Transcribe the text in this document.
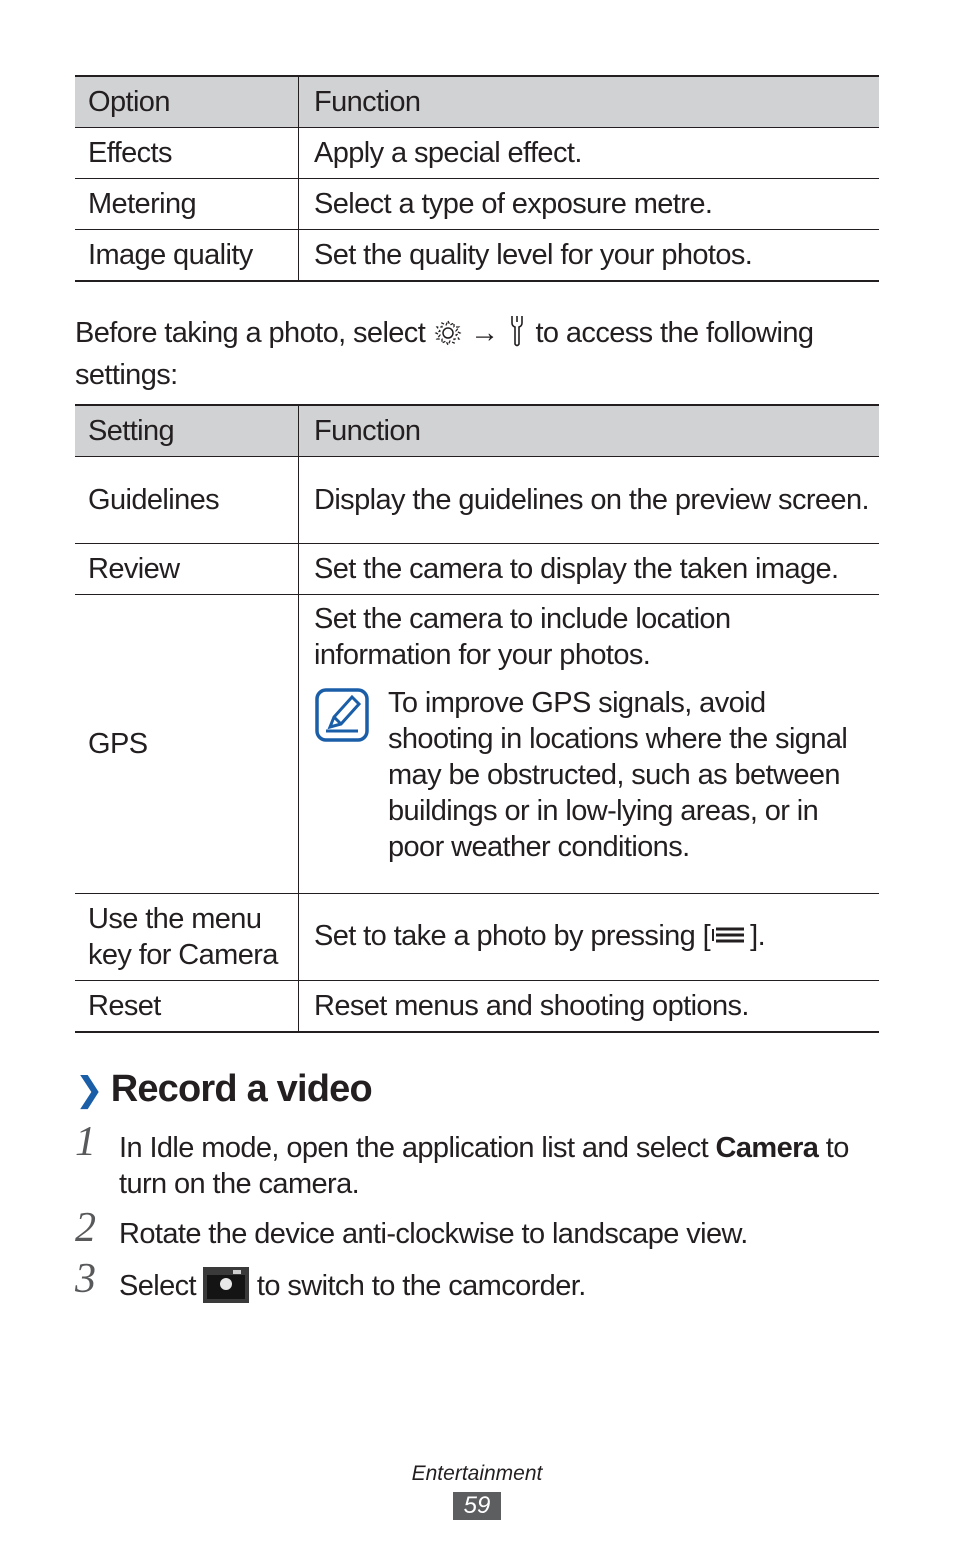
Option	Function
Effects	Apply a special effect.
Metering	Select a type of exposure metre.
Image quality	Set the quality level for your photos.
Before taking a photo, select → to access the following settings:
Setting	Function
Guidelines	Display the guidelines on the preview screen.
Review	Set the camera to display the taken image.
GPS	Set the camera to include location information for your photos.
To improve GPS signals, avoid shooting in locations where the signal may be obstructed, such as between buildings or in low-lying areas, or in poor weather conditions.

Use the menu key for Camera	Set to take a photo by pressing [ ].
Reset	Reset menus and shooting options.
❯ Record a video
1 In Idle mode, open the application list and select Camera to turn on the camera.
2 Rotate the device anti-clockwise to landscape view.
3 Select  to switch to the camcorder.
Entertainment
59
